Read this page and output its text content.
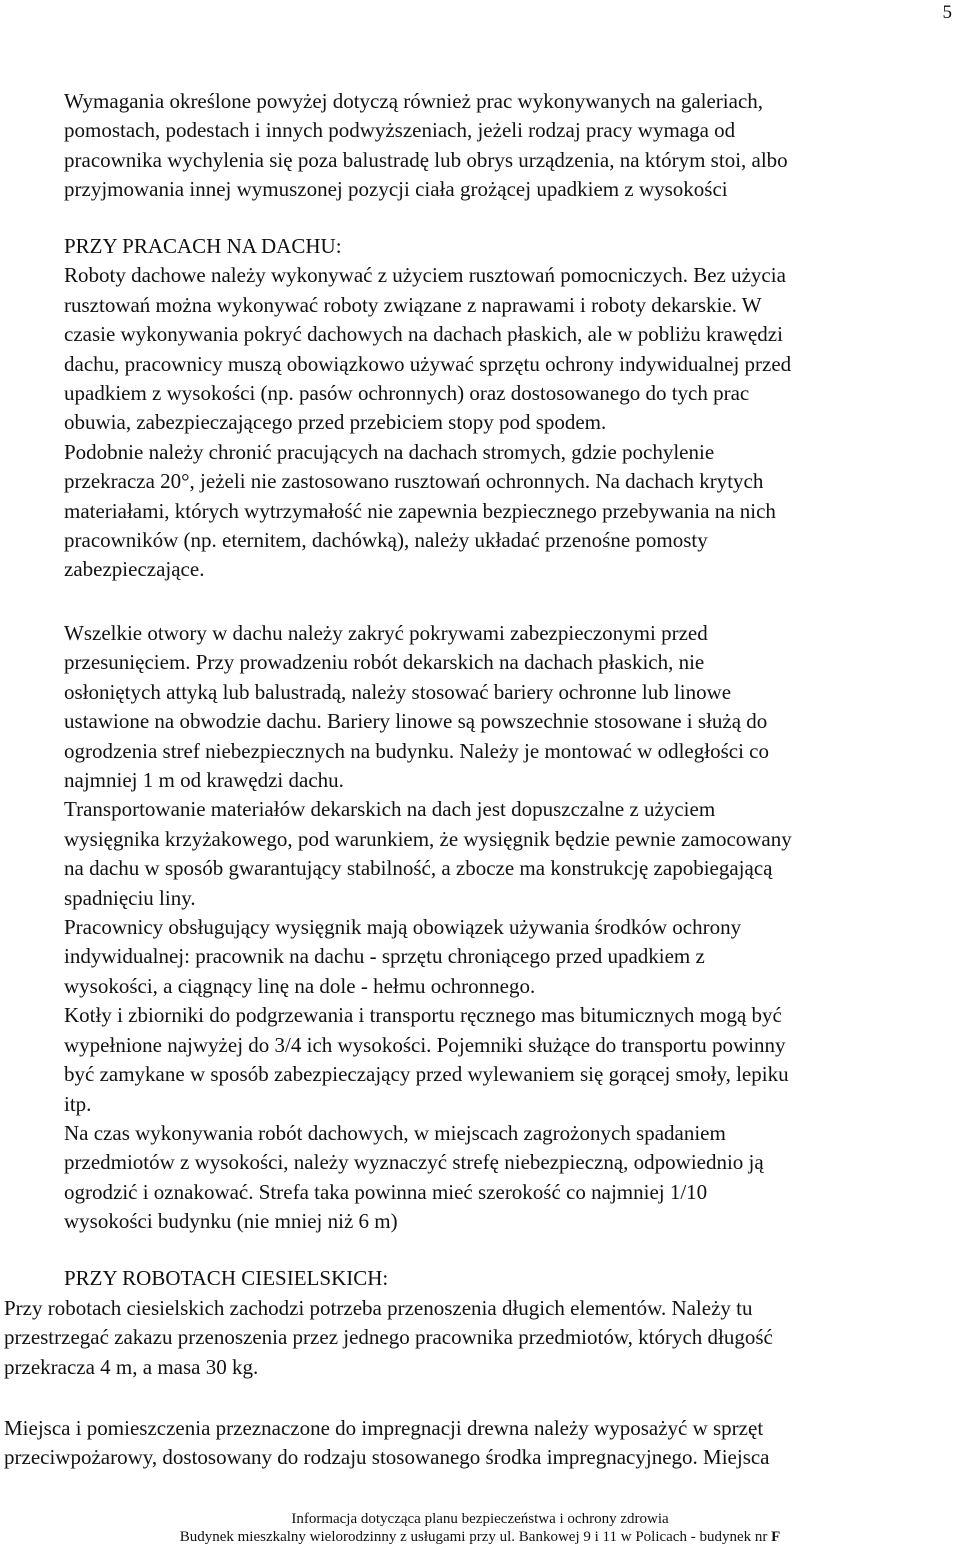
5

Wymagania określone powyżej dotyczą również prac wykonywanych na galeriach,

pomostach, podestach i innych podwyższeniach, jeżeli rodzaj pracy wymaga od

pracownika wychylenia się poza balustradę lub obrys urządzenia, na którym stoi, albo

przyjmowania innej wymuszonej pozycji ciała grożącej upadkiem z wysokości

PRZY PRACACH NA DACHU:

Roboty dachowe należy wykonywać z użyciem rusztowań pomocniczych. Bez użycia

rusztowań można wykonywać roboty związane z naprawami i roboty dekarskie. W

czasie wykonywania pokryć dachowych na dachach płaskich, ale w pobliżu krawędzi

dachu, pracownicy muszą obowiązkowo używać sprzętu ochrony indywidualnej przed

upadkiem z wysokości (np. pasów ochronnych) oraz dostosowanego do tych prac

obuwia, zabezpieczającego przed przebiciem stopy pod spodem.

Podobnie należy chronić pracujących na dachach stromych, gdzie pochylenie

przekracza 20°, jeżeli nie zastosowano rusztowań ochronnych. Na dachach krytych

materiałami, których wytrzymałość nie zapewnia bezpiecznego przebywania na nich

pracowników (np. eternitem, dachówką), należy układać przenośne pomosty

zabezpieczające.

Wszelkie otwory w dachu należy zakryć pokrywami zabezpieczonymi przed

przesunięciem. Przy prowadzeniu robót dekarskich na dachach płaskich, nie

osłoniętych attyką lub balustradą, należy stosować bariery ochronne lub linowe

ustawione na obwodzie dachu. Bariery linowe są powszechnie stosowane i służą do

ogrodzenia stref niebezpiecznych na budynku. Należy je montować w odległości co

najmniej 1 m od krawędzi dachu.

Transportowanie materiałów dekarskich na dach jest dopuszczalne z użyciem

wysięgnika krzyżakowego, pod warunkiem, że wysięgnik będzie pewnie zamocowany

na dachu w sposób gwarantujący stabilność, a zbocze ma konstrukcję zapobiegającą

spadnięciu liny.

Pracownicy obsługujący wysięgnik mają obowiązek używania środków ochrony

indywidualnej: pracownik na dachu - sprzętu chroniącego przed upadkiem z

wysokości, a ciągnący linę na dole - hełmu ochronnego.

Kotły i zbiorniki do podgrzewania i transportu ręcznego mas bitumicznych mogą być

wypełnione najwyżej do 3/4 ich wysokości. Pojemniki służące do transportu powinny

być zamykane w sposób zabezpieczający przed wylewaniem się gorącej smoły, lepiku

itp.

Na czas wykonywania robót dachowych, w miejscach zagrożonych spadaniem

przedmiotów z wysokości, należy wyznaczyć strefę niebezpieczną, odpowiednio ją

ogrodzić i oznakować. Strefa taka powinna mieć szerokość co najmniej 1/10

wysokości budynku (nie mniej niż 6 m)

PRZY ROBOTACH CIESIELSKICH:

Przy robotach ciesielskich zachodzi potrzeba przenoszenia długich elementów. Należy tu

przestrzegać zakazu przenoszenia przez jednego pracownika przedmiotów, których długość

przekracza 4 m, a masa 30 kg.

Miejsca i pomieszczenia przeznaczone do impregnacji drewna należy wyposażyć w sprzęt

przeciwpożarowy, dostosowany do rodzaju stosowanego środka impregnacyjnego. Miejsca

Informacja dotycząca planu bezpieczeństwa i ochrony zdrowia
Budynek mieszkalny wielorodzinny z usługami przy ul. Bankowej 9 i 11 w Policach - budynek nr F
